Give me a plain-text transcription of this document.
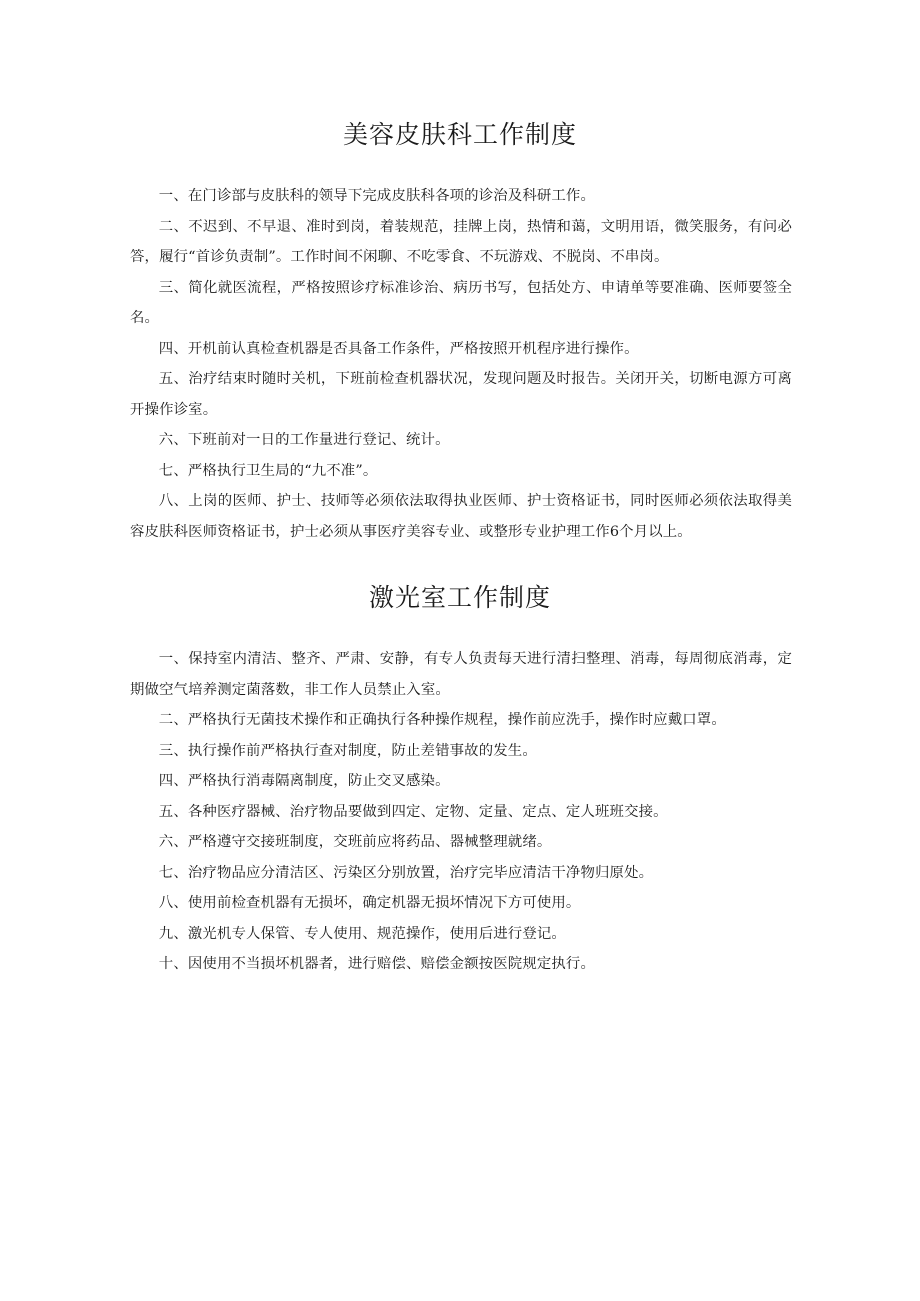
美容皮肤科工作制度

一、在门诊部与皮肤科的领导下完成皮肤科各项的诊治及科研工作。

二、不迟到、不早退、准时到岗，着装规范，挂牌上岗，热情和蔼，文明用语，微笑服务，有问必答，履行“首诊负责制”。工作时间不闲聊、不吃零食、不玩游戏、不脱岗、不串岗。

三、简化就医流程，严格按照诊疗标准诊治、病历书写，包括处方、申请单等要准确、医师要签全名。

四、开机前认真检查机器是否具备工作条件，严格按照开机程序进行操作。

五、治疗结束时随时关机，下班前检查机器状况，发现问题及时报告。关闭开关，切断电源方可离开操作诊室。

六、下班前对一日的工作量进行登记、统计。

七、严格执行卫生局的“九不准”。

八、上岗的医师、护士、技师等必须依法取得执业医师、护士资格证书，同时医师必须依法取得美容皮肤科医师资格证书，护士必须从事医疗美容专业、或整形专业护理工作6个月以上。

激光室工作制度

一、保持室内清洁、整齐、严肃、安静，有专人负责每天进行清扫整理、消毒，每周彻底消毒，定期做空气培养测定菌落数，非工作人员禁止入室。

二、严格执行无菌技术操作和正确执行各种操作规程，操作前应洗手，操作时应戴口罩。

三、执行操作前严格执行查对制度，防止差错事故的发生。

四、严格执行消毒隔离制度，防止交叉感染。

五、各种医疗器械、治疗物品要做到四定、定物、定量、定点、定人班班交接。

六、严格遵守交接班制度，交班前应将药品、器械整理就绪。

七、治疗物品应分清洁区、污染区分别放置，治疗完毕应清洁干净物归原处。

八、使用前检查机器有无损坏，确定机器无损坏情况下方可使用。

九、激光机专人保管、专人使用、规范操作，使用后进行登记。

十、因使用不当损坏机器者，进行赔偿、赔偿金额按医院规定执行。
